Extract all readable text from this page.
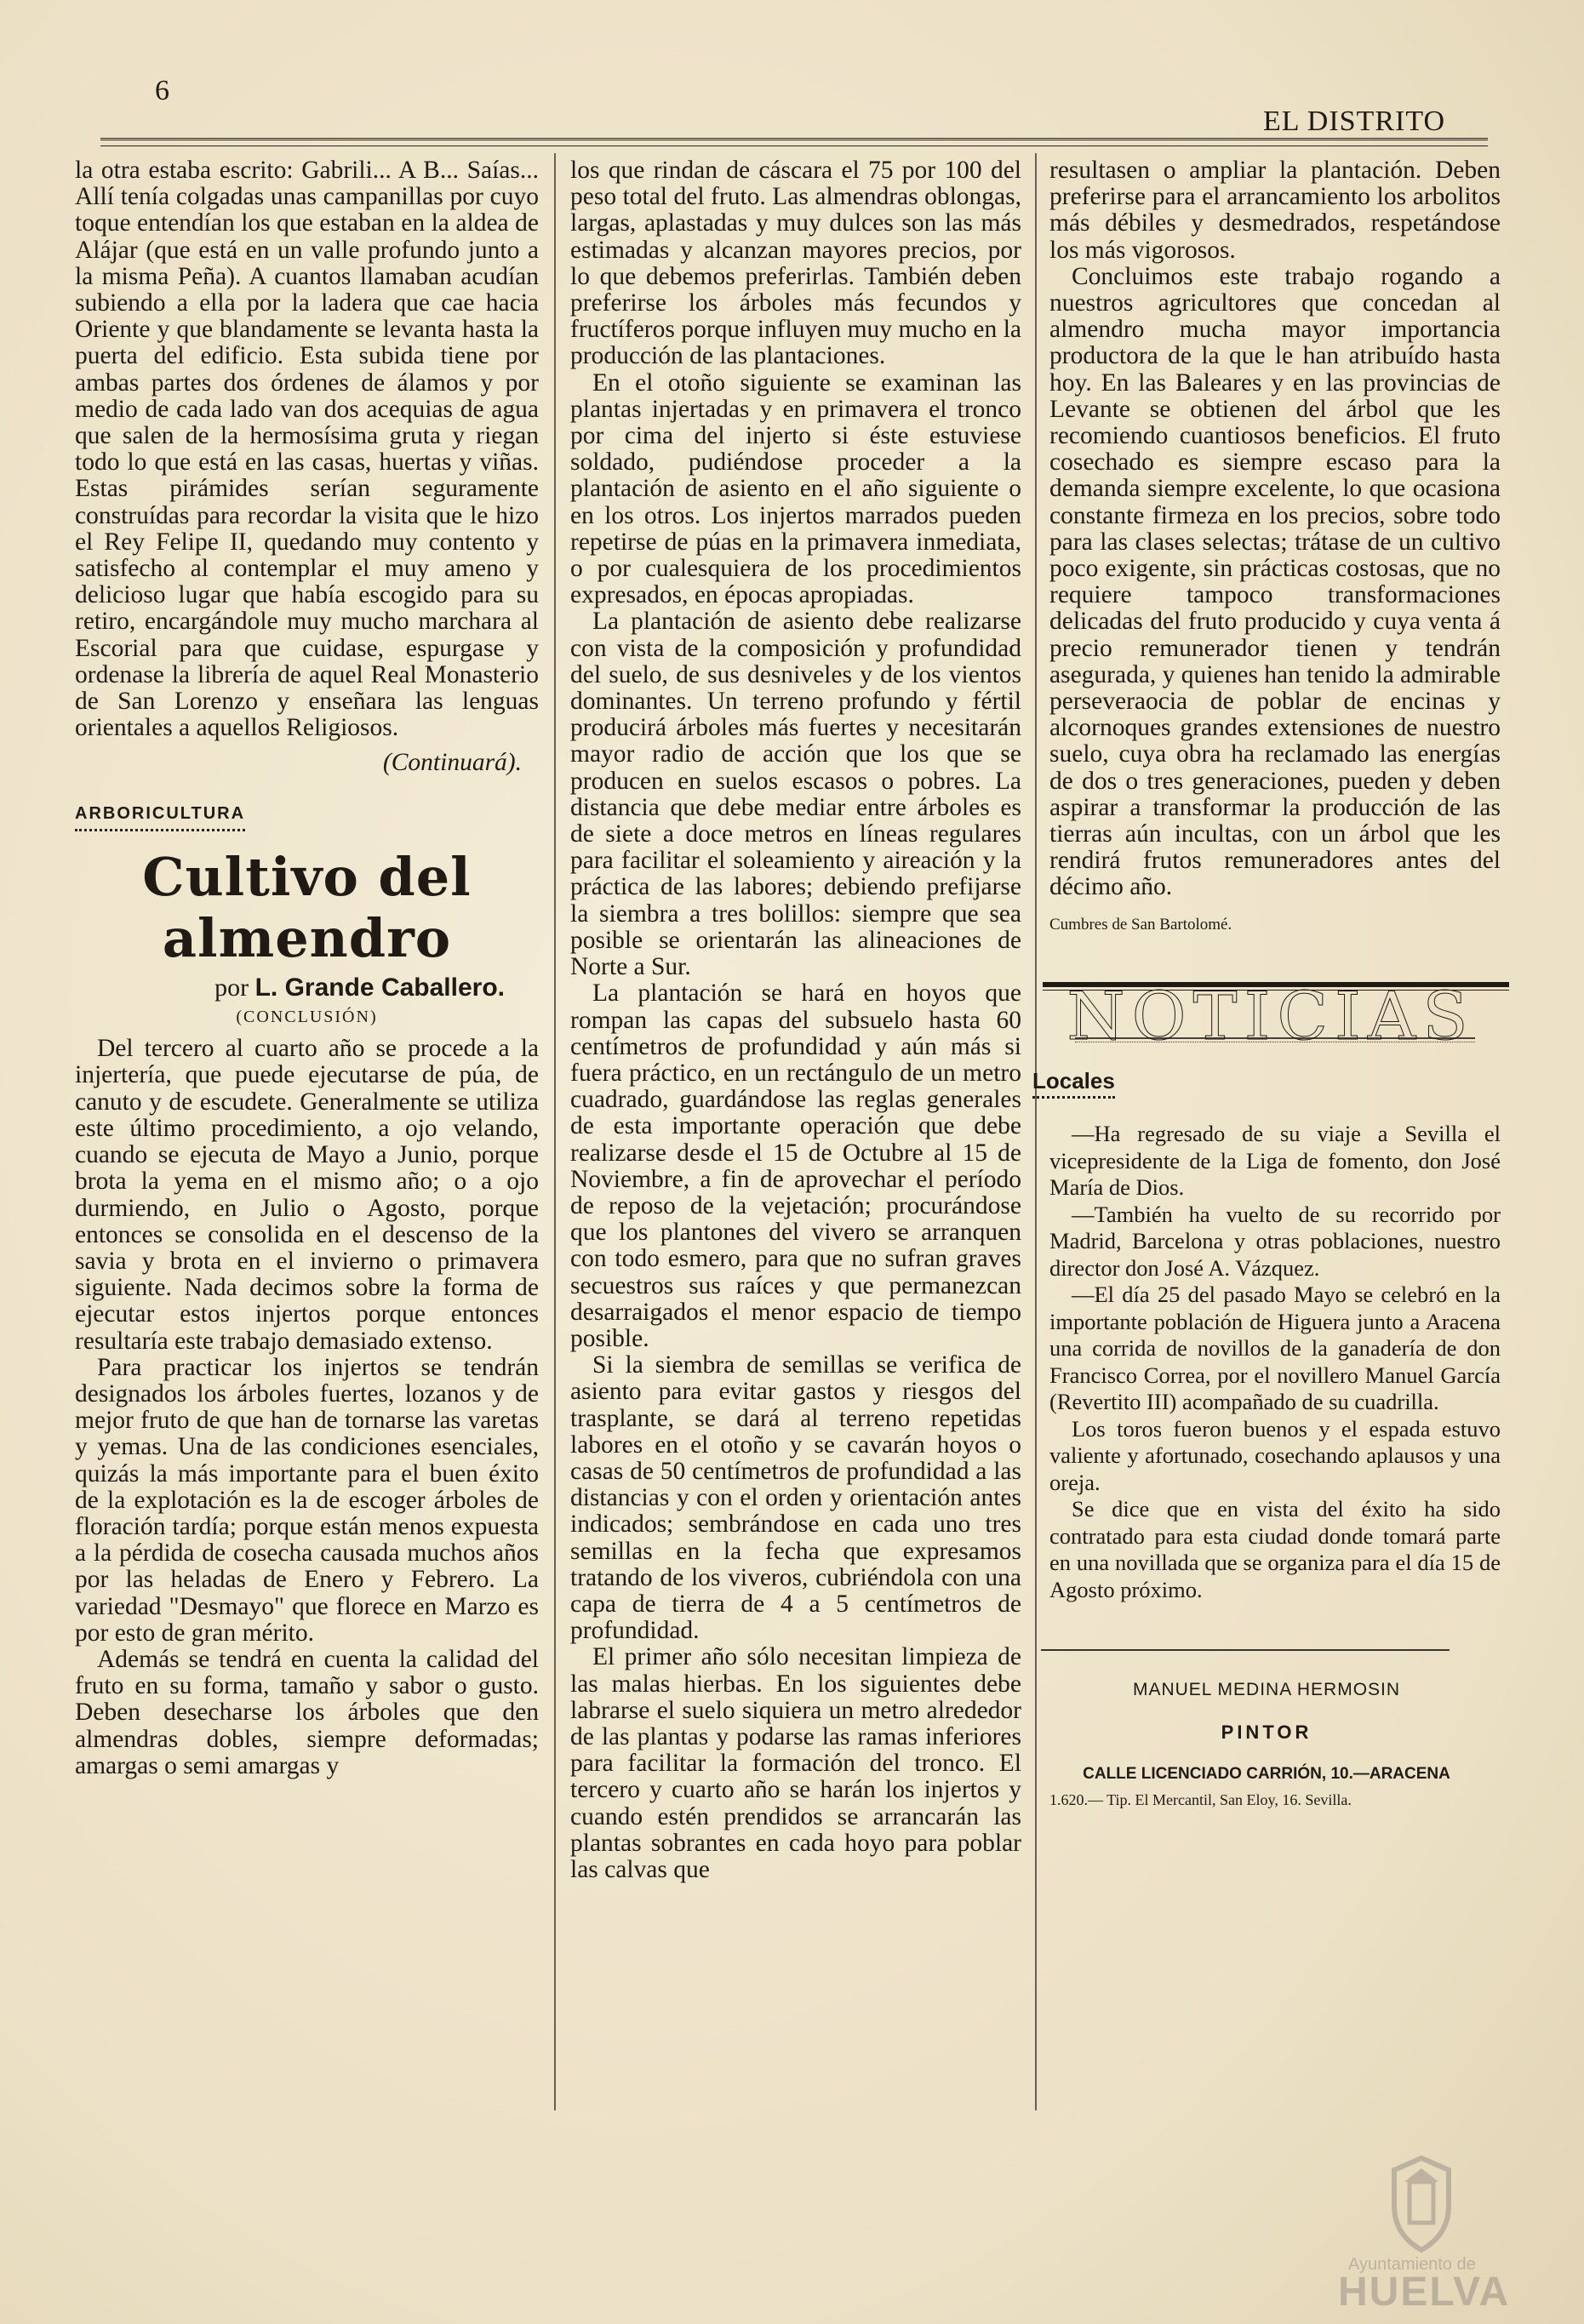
6
EL DISTRITO

la otra estaba escrito: Gabrili... A B... Saías... Allí tenía colgadas unas campanillas por cuyo toque entendían los que estaban en la aldea de Alájar (que está en un valle profundo junto a la misma Peña). A cuantos llamaban acudían subiendo a ella por la ladera que cae hacia Oriente y que blandamente se levanta hasta la puerta del edificio. Esta subida tiene por ambas partes dos órdenes de álamos y por medio de cada lado van dos acequias de agua que salen de la hermosísima gruta y riegan todo lo que está en las casas, huertas y viñas. Estas pirámides serían seguramente construídas para recordar la visita que le hizo el Rey Felipe II, quedando muy contento y satisfecho al contemplar el muy ameno y delicioso lugar que había escogido para su retiro, encargándole muy mucho marchara al Escorial para que cuidase, espurgase y ordenase la librería de aquel Real Monasterio de San Lorenzo y enseñara las lenguas orientales a aquellos Religiosos.

(Continuará).

ARBORICULTURA
Cultivo del almendro
por L. Grande Caballero.
(CONCLUSIÓN)

Del tercero al cuarto año se procede a la injertería, que puede ejecutarse de púa, de canuto y de escudete. Generalmente se utiliza este último procedimiento, a ojo velando, cuando se ejecuta de Mayo a Junio, porque brota la yema en el mismo año; o a ojo durmiendo, en Julio o Agosto, porque entonces se consolida en el descenso de la savia y brota en el invierno o primavera siguiente. Nada decimos sobre la forma de ejecutar estos injertos porque entonces resultaría este trabajo demasiado extenso.

Para practicar los injertos se tendrán designados los árboles fuertes, lozanos y de mejor fruto de que han de tornarse las varetas y yemas. Una de las condiciones esenciales, quizás la más importante para el buen éxito de la explotación es la de escoger árboles de floración tardía; porque están menos expuesta a la pérdida de cosecha causada muchos años por las heladas de Enero y Febrero. La variedad "Desmayo" que florece en Marzo es por esto de gran mérito.

Además se tendrá en cuenta la calidad del fruto en su forma, tamaño y sabor o gusto. Deben desecharse los árboles que den almendras dobles, siempre deformadas; amargas o semi amargas y

los que rindan de cáscara el 75 por 100 del peso total del fruto. Las almendras oblongas, largas, aplastadas y muy dulces son las más estimadas y alcanzan mayores precios, por lo que debemos preferirlas. También deben preferirse los árboles más fecundos y fructíferos porque influyen muy mucho en la producción de las plantaciones.

En el otoño siguiente se examinan las plantas injertadas y en primavera el tronco por cima del injerto si éste estuviese soldado, pudiéndose proceder a la plantación de asiento en el año siguiente o en los otros. Los injertos marrados pueden repetirse de púas en la primavera inmediata, o por cualesquiera de los procedimientos expresados, en épocas apropiadas.

La plantación de asiento debe realizarse con vista de la composición y profundidad del suelo, de sus desniveles y de los vientos dominantes. Un terreno profundo y fértil producirá árboles más fuertes y necesitarán mayor radio de acción que los que se producen en suelos escasos o pobres. La distancia que debe mediar entre árboles es de siete a doce metros en líneas regulares para facilitar el soleamiento y aireación y la práctica de las labores; debiendo prefijarse la siembra a tres bolillos: siempre que sea posible se orientarán las alineaciones de Norte a Sur.

La plantación se hará en hoyos que rompan las capas del subsuelo hasta 60 centímetros de profundidad y aún más si fuera práctico, en un rectángulo de un metro cuadrado, guardándose las reglas generales de esta importante operación que debe realizarse desde el 15 de Octubre al 15 de Noviembre, a fin de aprovechar el período de reposo de la vejetación; procurándose que los plantones del vivero se arranquen con todo esmero, para que no sufran graves secuestros sus raíces y que permanezcan desarraigados el menor espacio de tiempo posible.

Si la siembra de semillas se verifica de asiento para evitar gastos y riesgos del trasplante, se dará al terreno repetidas labores en el otoño y se cavarán hoyos o casas de 50 centímetros de profundidad a las distancias y con el orden y orientación antes indicados; sembrándose en cada uno tres semillas en la fecha que expresamos tratando de los viveros, cubriéndola con una capa de tierra de 4 a 5 centímetros de profundidad.

El primer año sólo necesitan limpieza de las malas hierbas. En los siguientes debe labrarse el suelo siquiera un metro alrededor de las plantas y podarse las ramas inferiores para facilitar la formación del tronco. El tercero y cuarto año se harán los injertos y cuando estén prendidos se arrancarán las plantas sobrantes en cada hoyo para poblar las calvas que

resultasen o ampliar la plantación. Deben preferirse para el arrancamiento los arbolitos más débiles y desmedrados, respetándose los más vigorosos.

Concluimos este trabajo rogando a nuestros agricultores que concedan al almendro mucha mayor importancia productora de la que le han atribuído hasta hoy. En las Baleares y en las provincias de Levante se obtienen del árbol que les recomiendo cuantiosos beneficios. El fruto cosechado es siempre escaso para la demanda siempre excelente, lo que ocasiona constante firmeza en los precios, sobre todo para las clases selectas; trátase de un cultivo poco exigente, sin prácticas costosas, que no requiere tampoco transformaciones delicadas del fruto producido y cuya venta á precio remunerador tienen y tendrán asegurada, y quienes han tenido la admirable perseveraocia de poblar de encinas y alcornoques grandes extensiones de nuestro suelo, cuya obra ha reclamado las energías de dos o tres generaciones, pueden y deben aspirar a transformar la producción de las tierras aún incultas, con un árbol que les rendirá frutos remuneradores antes del décimo año.

Cumbres de San Bartolomé.

NOTICIAS
Locales

—Ha regresado de su viaje a Sevilla el vicepresidente de la Liga de fomento, don José María de Dios.

—También ha vuelto de su recorrido por Madrid, Barcelona y otras poblaciones, nuestro director don José A. Vázquez.

—El día 25 del pasado Mayo se celebró en la importante población de Higuera junto a Aracena una corrida de novillos de la ganadería de don Francisco Correa, por el novillero Manuel García (Revertito III) acompañado de su cuadrilla.

Los toros fueron buenos y el espada estuvo valiente y afortunado, cosechando aplausos y una oreja.

Se dice que en vista del éxito ha sido contratado para esta ciudad donde tomará parte en una novillada que se organiza para el día 15 de Agosto próximo.

MANUEL MEDINA HERMOSIN
PINTOR
CALLE LICENCIADO CARRIÓN, 10.—ARACENA

1.620.— Tip. El Mercantil, San Eloy, 16. Sevilla.

Ayuntamiento de
HUELVA
